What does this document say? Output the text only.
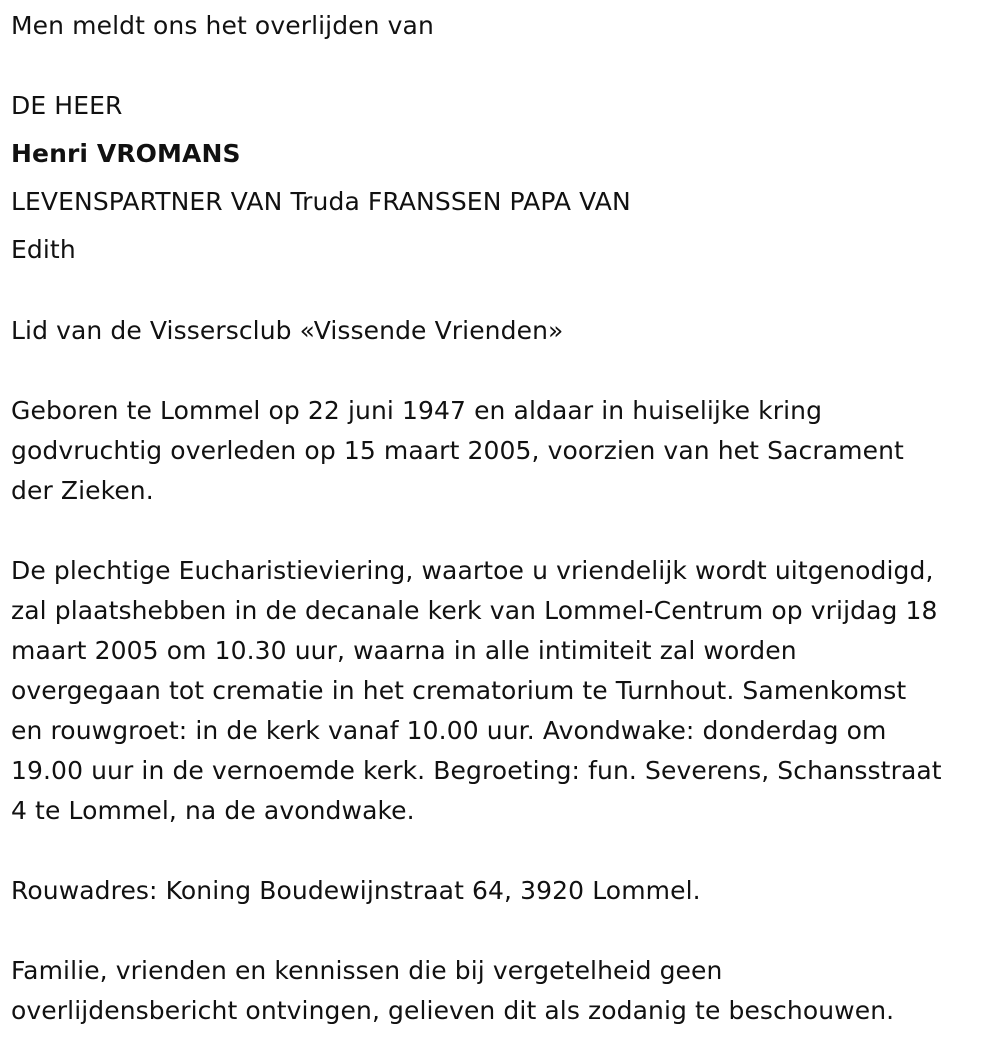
Men meldt ons het overlijden van
DE HEER
Henri VROMANS
LEVENSPARTNER VAN Truda FRANSSEN PAPA VAN
Edith
Lid van de Vissersclub «Vissende Vrienden»
Geboren te Lommel op 22 juni 1947 en aldaar in huiselijke kring
godvruchtig overleden op 15 maart 2005, voorzien van het Sacrament
der Zieken.
De plechtige Eucharistieviering, waartoe u vriendelijk wordt uitgenodigd,
zal plaatshebben in de decanale kerk van Lommel-Centrum op vrijdag 18
maart 2005 om 10.30 uur, waarna in alle intimiteit zal worden
overgegaan tot crematie in het crematorium te Turnhout. Samenkomst
en rouwgroet: in de kerk vanaf 10.00 uur. Avondwake: donderdag om
19.00 uur in de vernoemde kerk. Begroeting: fun. Severens, Schansstraat
4 te Lommel, na de avondwake.
Rouwadres: Koning Boudewijnstraat 64, 3920 Lommel.
Familie, vrienden en kennissen die bij vergetelheid geen
overlijdensbericht ontvingen, gelieven dit als zodanig te beschouwen.
